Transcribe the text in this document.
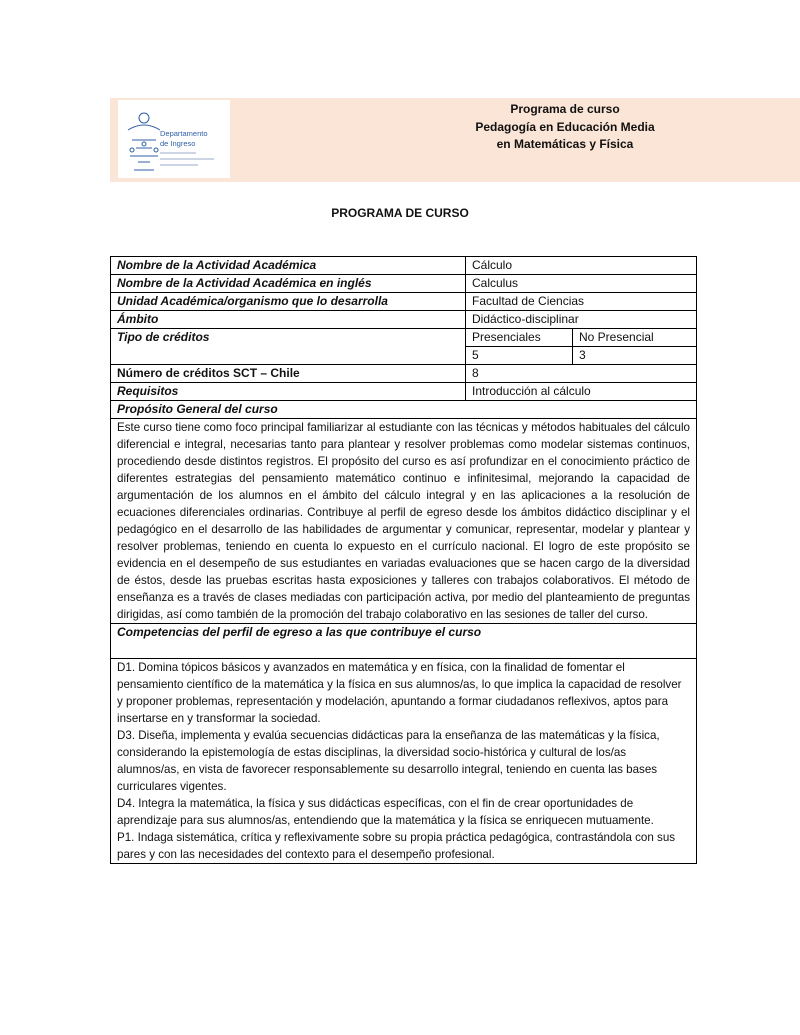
Departamento
de Ingreso
Programa de curso
Pedagogía en Educación Media
en Matemáticas y Física
PROGRAMA DE CURSO
Nombre de la Actividad Académica	Cálculo	
Nombre de la Actividad Académica en inglés	Calculus	
Unidad Académica/organismo que lo desarrolla	Facultad de Ciencias	
Ámbito	Didáctico-disciplinar	
Tipo de créditos	Presenciales	No Presencial
	5	3
Número de créditos SCT – Chile	8	
Requisitos	Introducción al cálculo	
Propósito General del curso		
Este curso tiene como foco principal familiarizar al estudiante con las técnicas y métodos habituales del cálculo diferencial e integral, necesarias tanto para plantear y resolver problemas como modelar sistemas continuos, procediendo desde distintos registros. El propósito del curso es así profundizar en el conocimiento práctico de diferentes estrategias del pensamiento matemático continuo e infinitesimal, mejorando la capacidad de argumentación de los alumnos en el ámbito del cálculo integral y en las aplicaciones a la resolución de ecuaciones diferenciales ordinarias. Contribuye al perfil de egreso desde los ámbitos didáctico disciplinar y el pedagógico en el desarrollo de las habilidades de argumentar y comunicar, representar, modelar y plantear y resolver problemas, teniendo en cuenta lo expuesto en el currículo nacional. El logro de este propósito se evidencia en el desempeño de sus estudiantes en variadas evaluaciones que se hacen cargo de la diversidad de éstos, desde las pruebas escritas hasta exposiciones y talleres con trabajos colaborativos. El método de enseñanza es a través de clases mediadas con participación activa, por medio del planteamiento de preguntas dirigidas, así como también de la promoción del trabajo colaborativo en las sesiones de taller del curso.		
Competencias del perfil de egreso a las que contribuye el curso		

D1. Domina tópicos básicos y avanzados en matemática y en física, con la finalidad de fomentar el pensamiento científico de la matemática y la física en sus alumnos/as, lo que implica la capacidad de resolver y proponer problemas, representación y modelación, apuntando a formar ciudadanos reflexivos, aptos para insertarse en y transformar la sociedad.

D3. Diseña, implementa y evalúa secuencias didácticas para la enseñanza de las matemáticas y la física, considerando la epistemología de estas disciplinas, la diversidad socio-histórica y cultural de los/as alumnos/as, en vista de favorecer responsablemente su desarrollo integral, teniendo en cuenta las bases curriculares vigentes.

D4. Integra la matemática, la física y sus didácticas específicas, con el fin de crear oportunidades de aprendizaje para sus alumnos/as, entendiendo que la matemática y la física se enriquecen mutuamente.

P1. Indaga sistemática, crítica y reflexivamente sobre su propia práctica pedagógica, contrastándola con sus pares y con las necesidades del contexto para el desempeño profesional.		
